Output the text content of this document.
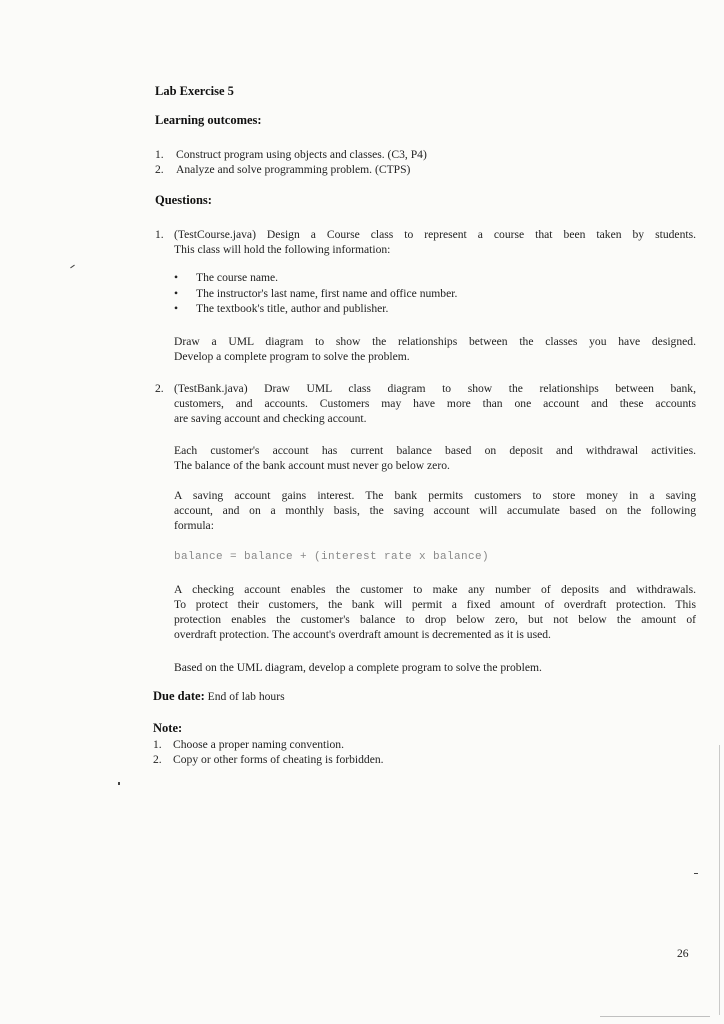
Lab Exercise 5
Learning outcomes:
1. Construct program using objects and classes. (C3, P4)
2. Analyze and solve programming problem. (CTPS)
Questions:
1. (TestCourse.java) Design a Course class to represent a course that been taken by students.
This class will hold the following information:
• The course name.
• The instructor's last name, first name and office number.
• The textbook's title, author and publisher.
Draw a UML diagram to show the relationships between the classes you have designed.
Develop a complete program to solve the problem.
2. (TestBank.java) Draw UML class diagram to show the relationships between bank,
customers, and accounts. Customers may have more than one account and these accounts
are saving account and checking account.
Each customer's account has current balance based on deposit and withdrawal activities.
The balance of the bank account must never go below zero.
A saving account gains interest. The bank permits customers to store money in a saving
account, and on a monthly basis, the saving account will accumulate based on the following
formula:
balance = balance + (interest rate x balance)
A checking account enables the customer to make any number of deposits and withdrawals.
To protect their customers, the bank will permit a fixed amount of overdraft protection. This
protection enables the customer's balance to drop below zero, but not below the amount of
overdraft protection. The account's overdraft amount is decremented as it is used.
Based on the UML diagram, develop a complete program to solve the problem.
Due date: End of lab hours
Note:
1. Choose a proper naming convention.
2. Copy or other forms of cheating is forbidden.
26
